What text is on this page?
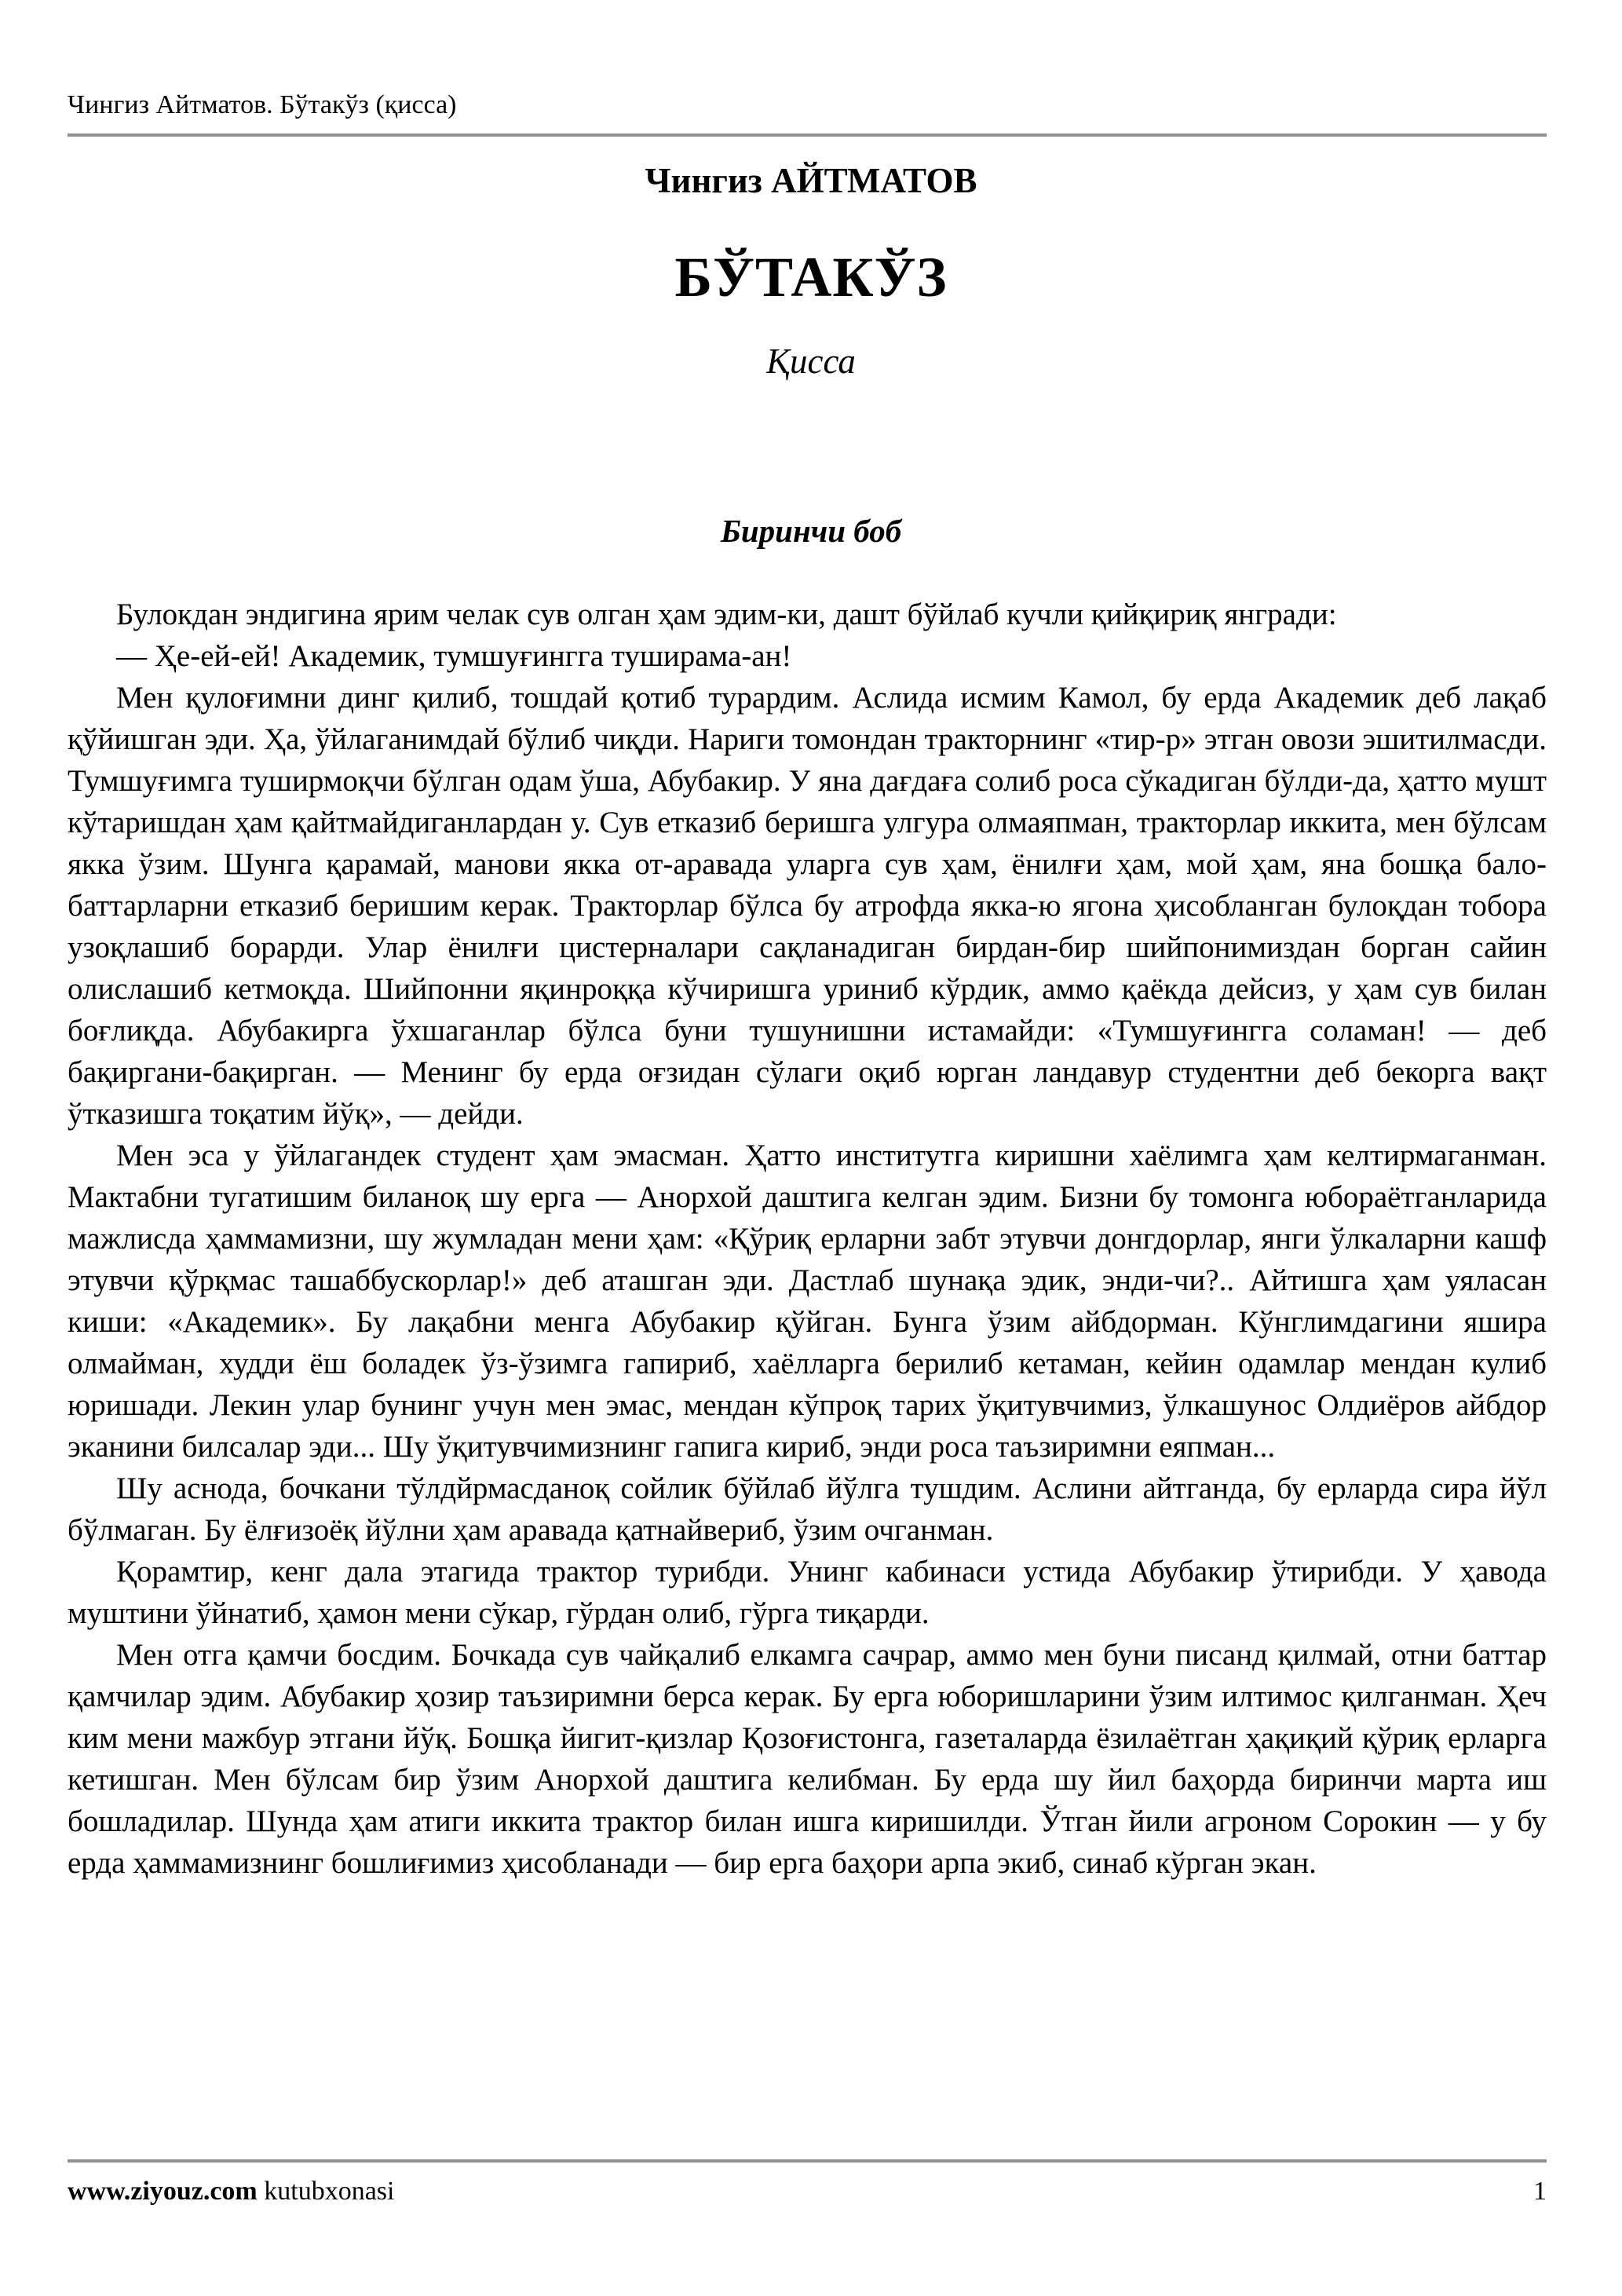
Чингиз Айтматов. Бўтакўз (қисса)
Чингиз АЙТМАТОВ
БЎТАКЎЗ
Қисса
Биринчи боб

Булокдан эндигина ярим челак сув олган ҳам эдим-ки, дашт бўйлаб кучли қийқириқ янгради:

— Ҳе-ей-ей! Академик, тумшуғингга туширама-ан!

Мен қулоғимни динг қилиб, тошдай қотиб турардим. Аслида исмим Камол, бу ерда Академик деб лақаб қўйишган эди. Ҳа, ўйлаганимдай бўлиб чиқди. Нариги томондан тракторнинг «тир-р» этган овози эшитилмасди. Тумшуғимга туширмоқчи бўлган одам ўша, Абубакир. У яна дағдаға солиб роса сўкадиган бўлди-да, ҳатто мушт кўтаришдан ҳам қайтмайдиганлардан у. Сув етказиб беришга улгура олмаяпман, тракторлар иккита, мен бўлсам якка ўзим. Шунга қарамай, манови якка от-аравада уларга сув ҳам, ёнилғи ҳам, мой ҳам, яна бошқа бало-баттарларни етказиб беришим керак. Тракторлар бўлса бу атрофда якка-ю ягона ҳисобланган булоқдан тобора узоқлашиб борарди. Улар ёнилғи цистерналари сақланадиган бирдан-бир шийпонимиздан борган сайин олислашиб кетмоқда. Шийпонни яқинроққа кўчиришга уриниб кўрдик, аммо қаёкда дейсиз, у ҳам сув билан боғлиқда. Абубакирга ўхшаганлар бўлса буни тушунишни истамайди: «Тумшуғингга соламан! — деб бақиргани-бақирган. — Менинг бу ерда оғзидан сўлаги оқиб юрган ландавур студентни деб бекорга вақт ўтказишга тоқатим йўқ», — дейди.

Мен эса у ўйлагандек студент ҳам эмасман. Ҳатто институтга киришни хаёлимга ҳам келтирмаганман. Мактабни тугатишим биланоқ шу ерга — Анорхой даштига келган эдим. Бизни бу томонга юбораётганларида мажлисда ҳаммамизни, шу жумладан мени ҳам: «Қўриқ ерларни забт этувчи донгдорлар, янги ўлкаларни кашф этувчи қўрқмас ташаббускорлар!» деб аташган эди. Дастлаб шунақа эдик, энди-чи?.. Айтишга ҳам уяласан киши: «Академик». Бу лақабни менга Абубакир қўйган. Бунга ўзим айбдорман. Кўнглимдагини яшира олмайман, худди ёш боладек ўз-ўзимга гапириб, хаёлларга берилиб кетаман, кейин одамлар мендан кулиб юришади. Лекин улар бунинг учун мен эмас, мендан кўпроқ тарих ўқитувчимиз, ўлкашунос Олдиёров айбдор эканини билсалар эди... Шу ўқитувчимизнинг гапига кириб, энди роса таъзиримни еяпман...

Шу аснода, бочкани тўлдйрмасданоқ сойлик бўйлаб йўлга тушдим. Аслини айтганда, бу ерларда сира йўл бўлмаган. Бу ёлғизоёқ йўлни ҳам аравада қатнайвериб, ўзим очганман.

Қорамтир, кенг дала этагида трактор турибди. Унинг кабинаси устида Абубакир ўтирибди. У ҳавода муштини ўйнатиб, ҳамон мени сўкар, гўрдан олиб, гўрга тиқарди.

Мен отга қамчи босдим. Бочкада сув чайқалиб елкамга сачрар, аммо мен буни писанд қилмай, отни баттар қамчилар эдим. Абубакир ҳозир таъзиримни берса керак. Бу ерга юборишларини ўзим илтимос қилганман. Ҳеч ким мени мажбур этгани йўқ. Бошқа йигит-қизлар Қозоғистонга, газеталарда ёзилаётган ҳақиқий қўриқ ерларга кетишган. Мен бўлсам бир ўзим Анорхой даштига келибман. Бу ерда шу йил баҳорда биринчи марта иш бошладилар. Шунда ҳам атиги иккита трактор билан ишга киришилди. Ўтган йили агроном Сорокин — у бу ерда ҳаммамизнинг бошлиғимиз ҳисобланади — бир ерга баҳори арпа экиб, синаб кўрган экан.

www.ziyouz.com kutubxonasi	1
